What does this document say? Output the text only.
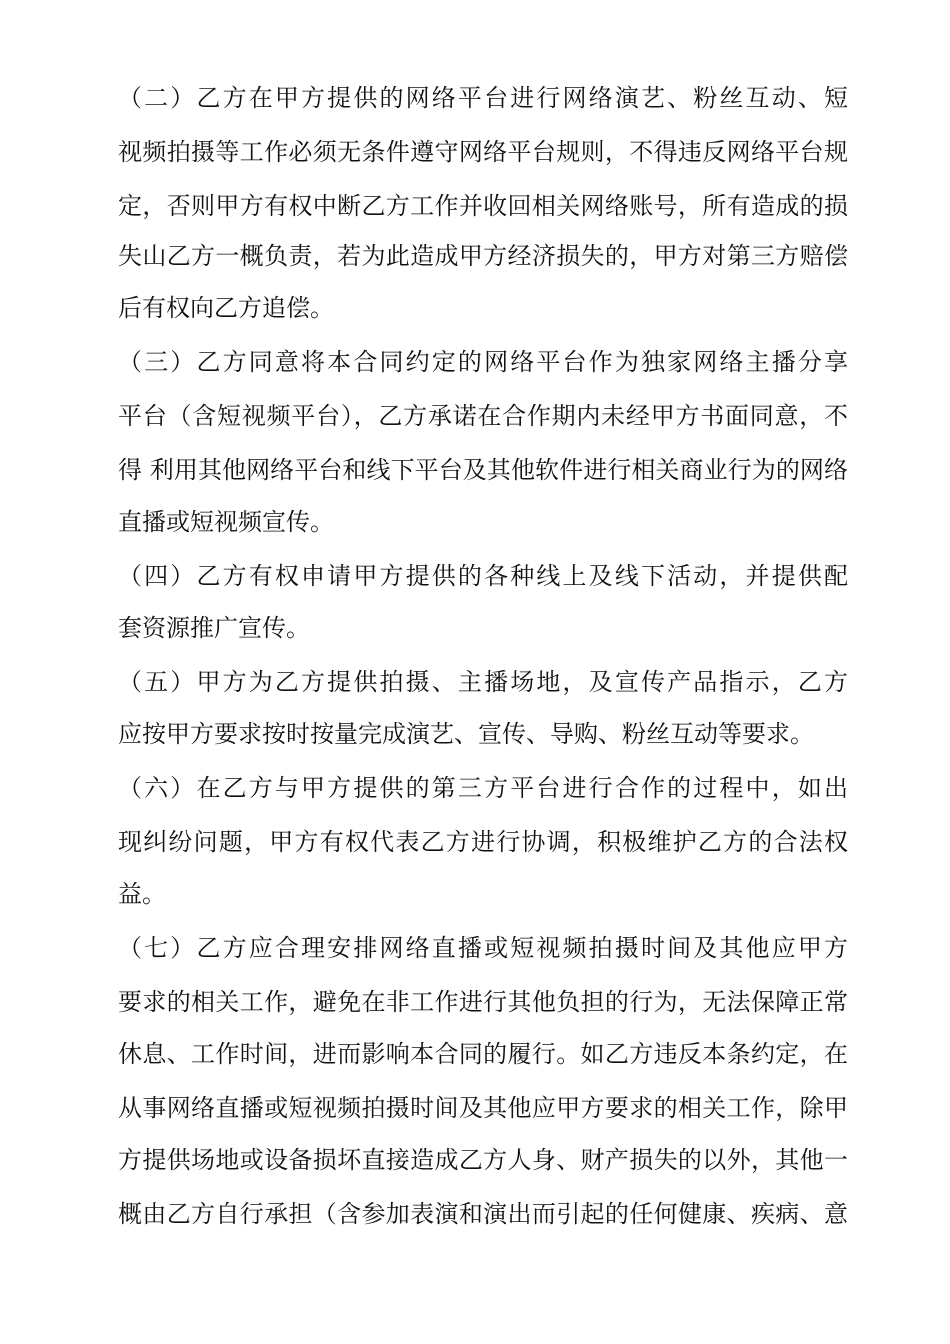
（二）乙方在甲方提供的网络平台进行网络演艺、粉丝互动、短
视频拍摄等工作必须无条件遵守网络平台规则，不得违反网络平台规
定，否则甲方有权中断乙方工作并收回相关网络账号，所有造成的损
失山乙方一概负责，若为此造成甲方经济损失的，甲方对第三方赔偿
后有权向乙方追偿。
（三）乙方同意将本合同约定的网络平台作为独家网络主播分享
平台（含短视频平台），乙方承诺在合作期内未经甲方书面同意，不
得 利用其他网络平台和线下平台及其他软件进行相关商业行为的网络
直播或短视频宣传。
（四）乙方有权申请甲方提供的各种线上及线下活动，并提供配
套资源推广宣传。
（五）甲方为乙方提供拍摄、主播场地，及宣传产品指示，乙方
应按甲方要求按时按量完成演艺、宣传、导购、粉丝互动等要求。
（六）在乙方与甲方提供的第三方平台进行合作的过程中，如出
现纠纷问题，甲方有权代表乙方进行协调，积极维护乙方的合法权
益。
（七）乙方应合理安排网络直播或短视频拍摄时间及其他应甲方
要求的相关工作，避免在非工作进行其他负担的行为，无法保障正常
休息、工作时间，进而影响本合同的履行。如乙方违反本条约定，在
从事网络直播或短视频拍摄时间及其他应甲方要求的相关工作，除甲
方提供场地或设备损坏直接造成乙方人身、财产损失的以外，其他一
概由乙方自行承担（含参加表演和演出而引起的任何健康、疾病、意
